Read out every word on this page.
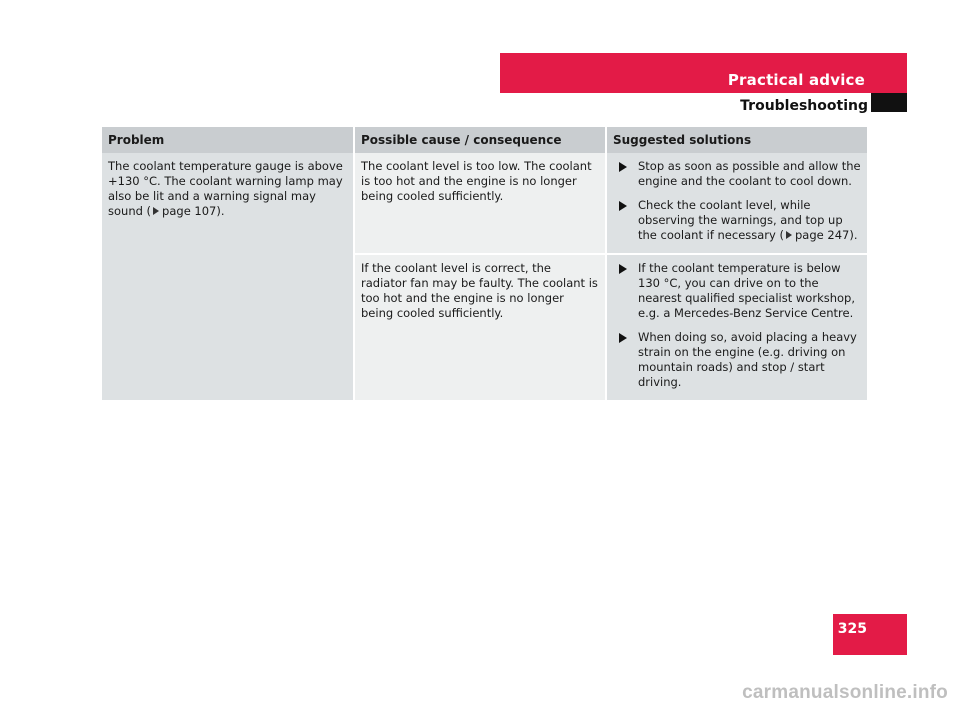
Practical advice
Troubleshooting
Problem	Possible cause / consequence	Suggested solutions
The coolant temperature gauge is above +130 °C. The coolant warning lamp may also be lit and a warning signal may sound ( page 107).	The coolant level is too low. The coolant is too hot and the engine is no longer being cooled sufficiently.	Stop as soon as possible and allow the engine and the coolant to cool down.
Check the coolant level, while observing the warnings, and top up the coolant if necessary ( page 247).

	If the coolant level is correct, the radiator fan may be faulty. The coolant is too hot and the engine is no longer being cooled sufficiently.	If the coolant temperature is below 130 °C, you can drive on to the nearest qualified specialist workshop, e.g. a Mercedes-Benz Service Centre.
When doing so, avoid placing a heavy strain on the engine (e.g. driving on mountain roads) and stop / start driving.
325
carmanualsonline.info
